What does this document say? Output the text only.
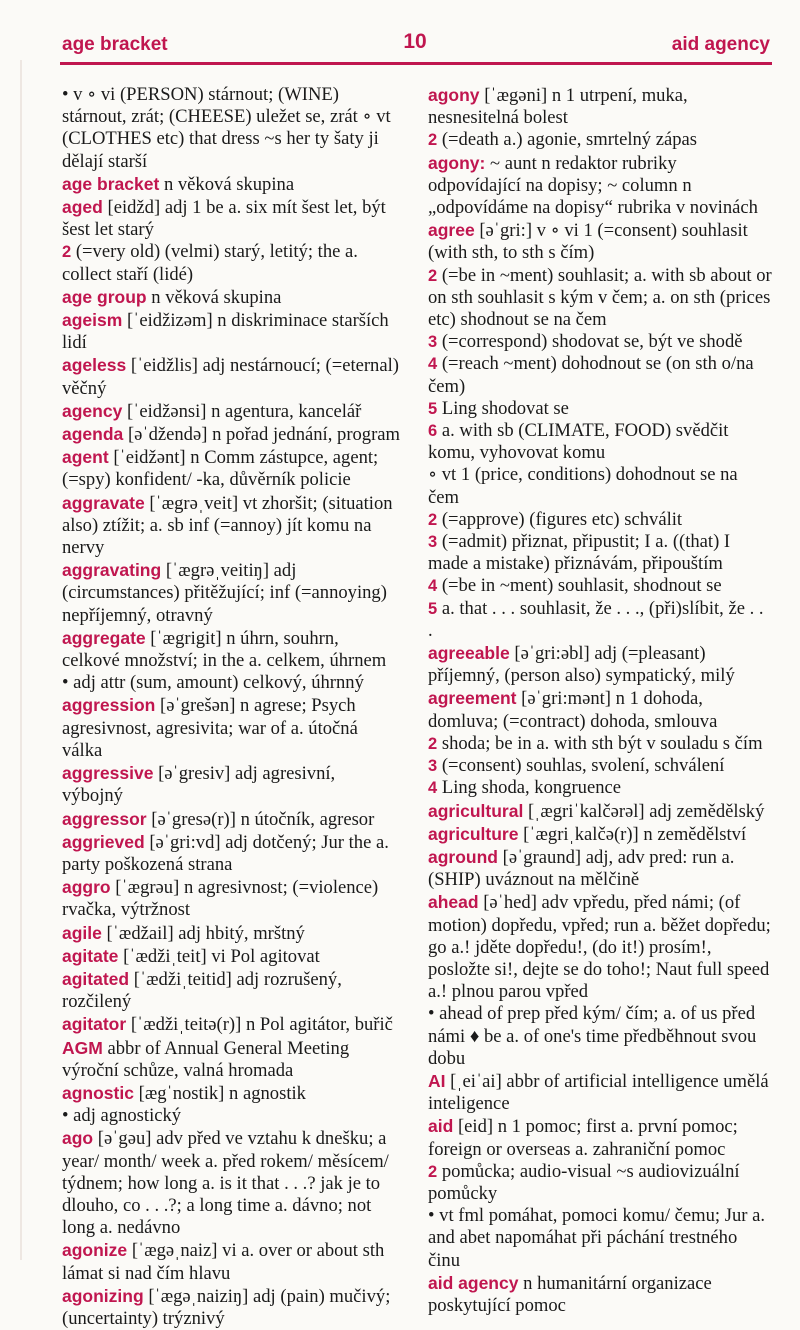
age bracket	10	aid agency

• v ∘ vi (PERSON) stárnout; (WINE) stárnout, zrát; (CHEESE) uležet se, zrát ∘ vt (CLOTHES etc) that dress ~s her ty šaty ji dělají starší

age bracket n věková skupina

aged [eidžd] adj 1 be a. six mít šest let, být šest let starý

2 (=very old) (velmi) starý, letitý; the a. collect staří (lidé)

age group n věková skupina

ageism [ˈeidžizəm] n diskriminace starších lidí

ageless [ˈeidžlis] adj nestárnoucí; (=eternal) věčný

agency [ˈeidžənsi] n agentura, kancelář

agenda [əˈdžendə] n pořad jednání, program

agent [ˈeidžənt] n Comm zástupce, agent; (=spy) konfident/ -ka, důvěrník policie

aggravate [ˈægrəˌveit] vt zhoršit; (situation also) ztížit; a. sb inf (=annoy) jít komu na nervy

aggravating [ˈægrəˌveitiŋ] adj (circumstances) přitěžující; inf (=annoying) nepříjemný, otravný

aggregate [ˈægrigit] n úhrn, souhrn, celkové množství; in the a. celkem, úhrnem

• adj attr (sum, amount) celkový, úhrnný

aggression [əˈgrešən] n agrese; Psych agresivnost, agresivita; war of a. útočná válka

aggressive [əˈgresiv] adj agresivní, výbojný

aggressor [əˈgresə(r)] n útočník, agresor

aggrieved [əˈgri:vd] adj dotčený; Jur the a. party poškozená strana

aggro [ˈægrəu] n agresivnost; (=violence) rvačka, výtržnost

agile [ˈædžail] adj hbitý, mrštný

agitate [ˈædžiˌteit] vi Pol agitovat

agitated [ˈædžiˌteitid] adj rozrušený, rozčilený

agitator [ˈædžiˌteitə(r)] n Pol agitátor, buřič

AGM abbr of Annual General Meeting výroční schůze, valná hromada

agnostic [ægˈnostik] n agnostik

• adj agnostický

ago [əˈgəu] adv před ve vztahu k dnešku; a year/ month/ week a. před rokem/ měsícem/ týdnem; how long a. is it that . . .? jak je to dlouho, co . . .?; a long time a. dávno; not long a. nedávno

agonize [ˈægəˌnaiz] vi a. over or about sth lámat si nad čím hlavu

agonizing [ˈægəˌnaiziŋ] adj (pain) mučivý; (uncertainty) trýznivý

agony [ˈægəni] n 1 utrpení, muka, nesnesitelná bolest

2 (=death a.) agonie, smrtelný zápas

agony: ~ aunt n redaktor rubriky odpovídající na dopisy; ~ column n „odpovídáme na dopisy“ rubrika v novinách

agree [əˈgri:] v ∘ vi 1 (=consent) souhlasit (with sth, to sth s čím)

2 (=be in ~ment) souhlasit; a. with sb about or on sth souhlasit s kým v čem; a. on sth (prices etc) shodnout se na čem

3 (=correspond) shodovat se, být ve shodě

4 (=reach ~ment) dohodnout se (on sth o/na čem)

5 Ling shodovat se

6 a. with sb (CLIMATE, FOOD) svědčit komu, vyhovovat komu

∘ vt 1 (price, conditions) dohodnout se na čem

2 (=approve) (figures etc) schválit

3 (=admit) přiznat, připustit; I a. ((that) I made a mistake) přiznávám, připouštím

4 (=be in ~ment) souhlasit, shodnout se

5 a. that . . . souhlasit, že . . ., (při)slíbit, že . . .

agreeable [əˈgri:əbl] adj (=pleasant) příjemný, (person also) sympatický, milý

agreement [əˈgri:mənt] n 1 dohoda, domluva; (=contract) dohoda, smlouva

2 shoda; be in a. with sth být v souladu s čím

3 (=consent) souhlas, svolení, schválení

4 Ling shoda, kongruence

agricultural [ˌægriˈkalčərəl] adj zemědělský

agriculture [ˈægriˌkalčə(r)] n zemědělství

aground [əˈgraund] adj, adv pred: run a. (SHIP) uváznout na mělčině

ahead [əˈhed] adv vpředu, před námi; (of motion) dopředu, vpřed; run a. běžet dopředu; go a.! jděte dopředu!, (do it!) prosím!, posložte si!, dejte se do toho!; Naut full speed a.! plnou parou vpřed

• ahead of prep před kým/ čím; a. of us před námi ♦ be a. of one's time předběhnout svou dobu

AI [ˌeiˈai] abbr of artificial intelligence umělá inteligence

aid [eid] n 1 pomoc; first a. první pomoc; foreign or overseas a. zahraniční pomoc

2 pomůcka; audio-visual ~s audiovizuální pomůcky

• vt fml pomáhat, pomoci komu/ čemu; Jur a. and abet napomáhat při páchání trestného činu

aid agency n humanitární organizace poskytující pomoc
